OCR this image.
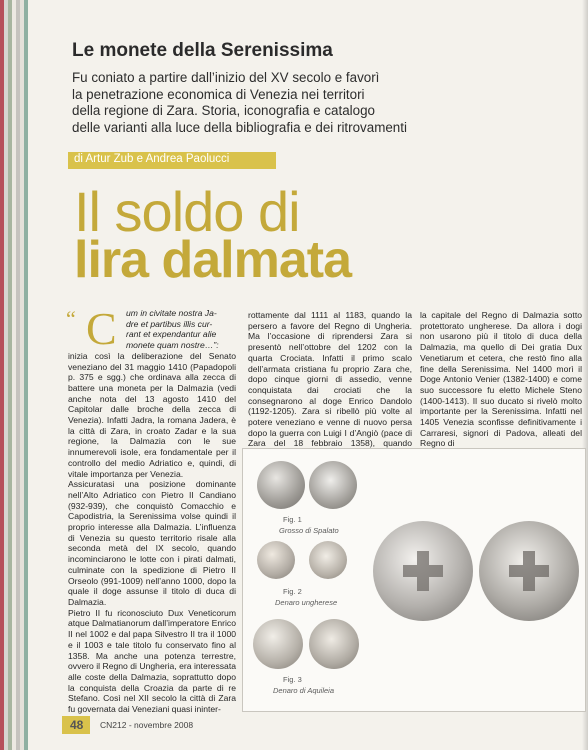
Le monete della Serenissima
Fu coniato a partire dall’inizio del XV secolo e favorì
la penetrazione economica di Venezia nei territori
della regione di Zara. Storia, iconografia e catalogo
delle varianti alla luce della bibliografia e dei ritrovamenti
di Artur Zub e Andrea Paolucci
Il soldo di
lira dalmata
“ C	um in civitate nostra Ja-
dre et partibus illis cur-
rant et expendantur alie
monete quam nostre…”:
inizia così la deliberazione del Senato veneziano del 31 maggio 1410 (Papadopoli p. 375 e sgg.) che ordinava alla zecca di battere una moneta per la Dalmazia (vedi anche nota del 13 agosto 1410 del Capitolar dalle broche della zecca di Venezia). Infatti Jadra, la romana Jadera, è la città di Zara, in croato Zadar e la sua regione, la Dalmazia con le sue innumerevoli isole, era fondamentale per il controllo del medio Adriatico e, quindi, di vitale importanza per Venezia.
Assicuratasi una posizione dominante nell’Alto Adriatico con Pietro II Candiano (932-939), che conquistò Comacchio e Capodistria, la Serenissima volse quindi il proprio interesse alla Dalmazia. L’influenza di Venezia su questo territorio risale alla seconda metà del IX secolo, quando incominciarono le lotte con i pirati dalmati, culminate con la spedizione di Pietro II Orseolo (991-1009) nell’anno 1000, dopo la quale il doge assunse il titolo di duca di Dalmazia.
Pietro II fu riconosciuto Dux Veneticorum atque Dalmatianorum dall’imperatore Enrico II nel 1002 e dal papa Silvestro II tra il 1000 e il 1003 e tale titolo fu conservato fino al 1358. Ma anche una potenza terrestre, ovvero il Regno di Ungheria, era interessata alle coste della Dalmazia, soprattutto dopo la conquista della Croazia da parte di re Stefano. Così nel XII secolo la città di Zara fu governata dai Veneziani quasi ininter-
rottamente dal 1111 al 1183, quando la persero a favore del Regno di Ungheria. Ma l’occasione di riprendersi Zara si presentò nell’ottobre del 1202 con la quarta Crociata. Infatti il primo scalo dell’armata cristiana fu proprio Zara che, dopo cinque giorni di assedio, venne conquistata dai crociati che la consegnarono al doge Enrico Dandolo (1192-1205). Zara si ribellò più volte al potere veneziano e venne di nuovo persa dopo la guerra con Luigi I d’Angiò (pace di Zara del 18 febbraio 1358), quando
la capitale del Regno di Dalmazia sotto protettorato ungherese. Da allora i dogi non usarono più il titolo di duca della Dalmazia, ma quello di Dei gratia Dux Venetiarum et cetera, che restò fino alla fine della Serenissima. Nel 1400 morì il Doge Antonio Venier (1382-1400) e come suo successore fu eletto Michele Steno (1400-1413). Il suo ducato si rivelò molto importante per la Serenissima. Infatti nel 1405 Venezia sconfisse definitivamente i Carraresi, signori di Padova, alleati del Regno di
Fig. 1
Grosso di Spalato
Fig. 2
Denaro ungherese
Fig. 3
Denaro di Aquileia
48 CN212 - novembre 2008
